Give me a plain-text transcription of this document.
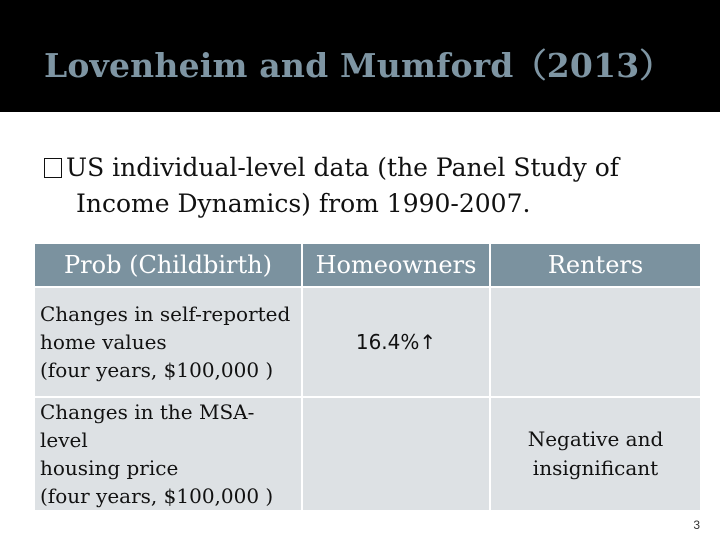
Lovenheim and Mumford（2013）
US individual-level data (the Panel Study of
Income Dynamics) from 1990-2007.
Prob (Childbirth)	Homeowners	Renters

Changes in self-reported
home values
(four years, $100,000 )	16.4%↑	

Changes in the MSA-level
housing price
(four years, $100,000 )		Negative and
insignificant
3
